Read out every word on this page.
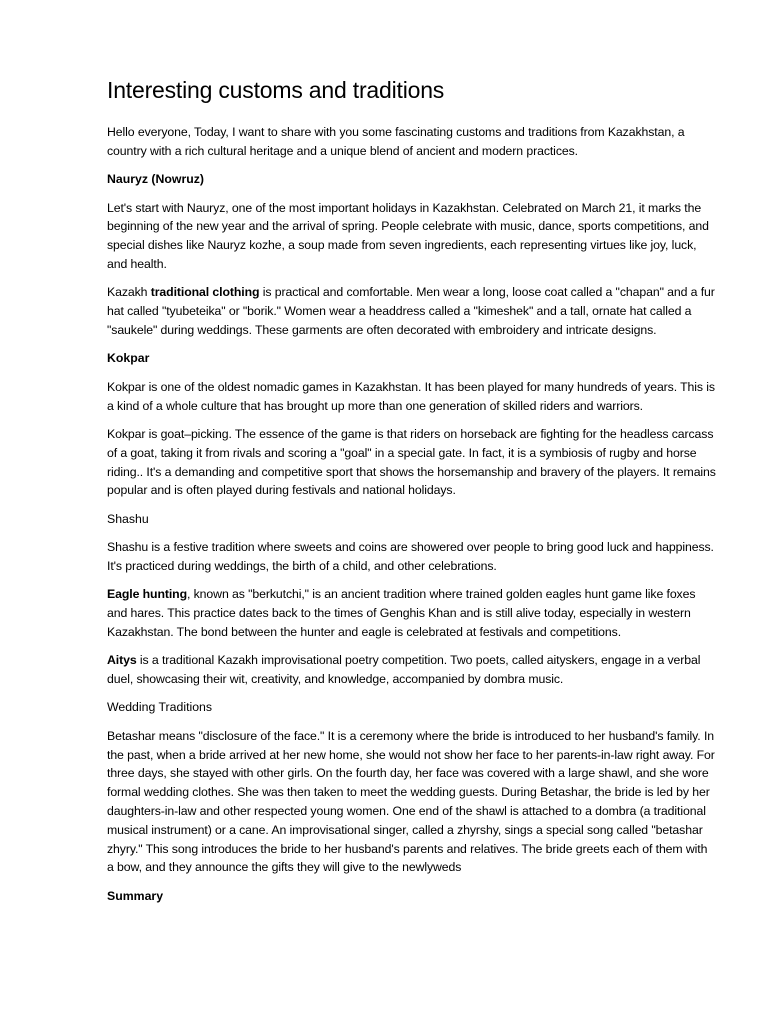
Interesting customs and traditions

Hello everyone, Today, I want to share with you some fascinating customs and traditions from Kazakhstan, a country with a rich cultural heritage and a unique blend of ancient and modern practices.

Nauryz (Nowruz)

Let's start with Nauryz, one of the most important holidays in Kazakhstan. Celebrated on March 21, it marks the beginning of the new year and the arrival of spring. People celebrate with music, dance, sports competitions, and special dishes like Nauryz kozhe, a soup made from seven ingredients, each representing virtues like joy, luck, and health.

Kazakh traditional clothing is practical and comfortable. Men wear a long, loose coat called a "chapan" and a fur hat called "tyubeteika" or "borik." Women wear a headdress called a "kimeshek" and a tall, ornate hat called a "saukele" during weddings. These garments are often decorated with embroidery and intricate designs.

Kokpar

Kokpar is one of the oldest nomadic games in Kazakhstan. It has been played for many hundreds of years. This is a kind of a whole culture that has brought up more than one generation of skilled riders and warriors.

Kokpar is goat–picking. The essence of the game is that riders on horseback are fighting for the headless carcass of a goat, taking it from rivals and scoring a "goal" in a special gate. In fact, it is a symbiosis of rugby and horse riding.. It's a demanding and competitive sport that shows the horsemanship and bravery of the players. It remains popular and is often played during festivals and national holidays.

Shashu

Shashu is a festive tradition where sweets and coins are showered over people to bring good luck and happiness. It's practiced during weddings, the birth of a child, and other celebrations.

Eagle hunting, known as "berkutchi," is an ancient tradition where trained golden eagles hunt game like foxes and hares. This practice dates back to the times of Genghis Khan and is still alive today, especially in western Kazakhstan. The bond between the hunter and eagle is celebrated at festivals and competitions.

Aitys is a traditional Kazakh improvisational poetry competition. Two poets, called aityskers, engage in a verbal duel, showcasing their wit, creativity, and knowledge, accompanied by dombra music.

Wedding Traditions

Betashar means "disclosure of the face." It is a ceremony where the bride is introduced to her husband's family. In the past, when a bride arrived at her new home, she would not show her face to her parents-in-law right away. For three days, she stayed with other girls. On the fourth day, her face was covered with a large shawl, and she wore formal wedding clothes. She was then taken to meet the wedding guests. During Betashar, the bride is led by her daughters-in-law and other respected young women. One end of the shawl is attached to a dombra (a traditional musical instrument) or a cane. An improvisational singer, called a zhyrshy, sings a special song called "betashar zhyry." This song introduces the bride to her husband's parents and relatives. The bride greets each of them with a bow, and they announce the gifts they will give to the newlyweds

Summary
